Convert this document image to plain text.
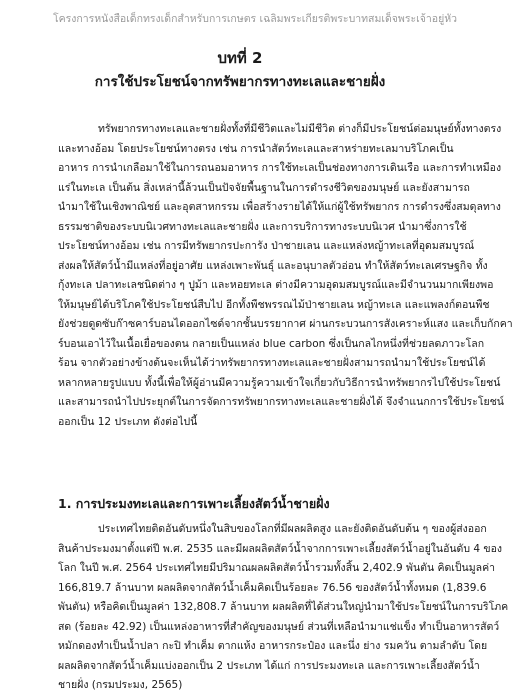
โครงการหนังสือเด็กทรงเด็กสำหรับการเกษตร เฉลิมพระเกียรติพระบาทสมเด็จพระเจ้าอยู่หัว
บทที่ 2
การใช้ประโยชน์จากทรัพยากรทางทะเลและชายฝั่ง

ทรัพยากรทางทะเลและชายฝั่งทั้งที่มีชีวิตและไม่มีชีวิต ต่างก็มีประโยชน์ต่อมนุษย์ทั้งทางตรง
และทางอ้อม โดยประโยชน์ทางตรง เช่น การนำสัตว์ทะเลและสาหร่ายทะเลมาบริโภคเป็น
อาหาร การนำเกลือมาใช้ในการถนอมอาหาร การใช้ทะเลเป็นช่องทางการเดินเรือ และการทำเหมือง
แร่ในทะเล เป็นต้น สิ่งเหล่านี้ล้วนเป็นปัจจัยพื้นฐานในการดำรงชีวิตของมนุษย์ และยังสามารถ
นำมาใช้ในเชิงพาณิชย์ และอุตสาหกรรม เพื่อสร้างรายได้ให้แก่ผู้ใช้ทรัพยากร การดำรงซึ่งสมดุลทาง
ธรรมชาติของระบบนิเวศทางทะเลและชายฝั่ง และการบริการทางระบบนิเวศ นำมาซึ่งการใช้
ประโยชน์ทางอ้อม เช่น การมีทรัพยากรปะการัง ป่าชายเลน และแหล่งหญ้าทะเลที่อุดมสมบูรณ์
ส่งผลให้สัตว์น้ำมีแหล่งที่อยู่อาศัย แหล่งเพาะพันธุ์ และอนุบาลตัวอ่อน ทำให้สัตว์ทะเลเศรษฐกิจ ทั้ง
กุ้งทะเล ปลาทะเลชนิดต่าง ๆ ปูม้า และหอยทะเล ต่างมีความอุดมสมบูรณ์และมีจำนวนมากเพียงพอ
ให้มนุษย์ได้บริโภคใช้ประโยชน์สืบไป อีกทั้งพืชพรรณไม้ป่าชายเลน หญ้าทะเล และแพลงก์ตอนพืช
ยังช่วยดูดซับก๊าซคาร์บอนไดออกไซด์จากชั้นบรรยากาศ ผ่านกระบวนการสังเคราะห์แสง และเก็บกักคา
ร์บอนเอาไว้ในเนื้อเยื่อของตน กลายเป็นแหล่ง blue carbon ซึ่งเป็นกลไกหนึ่งที่ช่วยลดภาวะโลก
ร้อน จากตัวอย่างข้างต้นจะเห็นได้ว่าทรัพยากรทางทะเลและชายฝั่งสามารถนำมาใช้ประโยชน์ได้
หลากหลายรูปแบบ ทั้งนี้เพื่อให้ผู้อ่านมีความรู้ความเข้าใจเกี่ยวกับวิธีการนำทรัพยากรไปใช้ประโยชน์
และสามารถนำไปประยุกต์ในการจัดการทรัพยากรทางทะเลและชายฝั่งได้ จึงจำแนกการใช้ประโยชน์
ออกเป็น 12 ประเภท ดังต่อไปนี้

1. การประมงทะเลและการเพาะเลี้ยงสัตว์น้ำชายฝั่ง

ประเทศไทยติดอันดับหนึ่งในสิบของโลกที่มีผลผลิตสูง และยังติดอันดับต้น ๆ ของผู้ส่งออก
สินค้าประมงมาตั้งแต่ปี พ.ศ. 2535 และมีผลผลิตสัตว์น้ำจากการเพาะเลี้ยงสัตว์น้ำอยู่ในอันดับ 4 ของ
โลก ในปี พ.ศ. 2564 ประเทศไทยมีปริมาณผลผลิตสัตว์น้ำรวมทั้งสิ้น 2,402.9 พันตัน คิดเป็นมูลค่า
166,819.7 ล้านบาท ผลผลิตจากสัตว์น้ำเค็มคิดเป็นร้อยละ 76.56 ของสัตว์น้ำทั้งหมด (1,839.6
พันตัน) หรือคิดเป็นมูลค่า 132,808.7 ล้านบาท ผลผลิตที่ได้ส่วนใหญ่นำมาใช้ประโยชน์ในการบริโภค
สด (ร้อยละ 42.92) เป็นแหล่งอาหารที่สำคัญของมนุษย์ ส่วนที่เหลือนำมาแช่แข็ง ทำเป็นอาหารสัตว์
หมักดองทำเป็นน้ำปลา กะปิ ทำเค็ม ตากแห้ง อาหารกระป๋อง และนึ่ง ย่าง รมควัน ตามลำดับ โดย
ผลผลิตจากสัตว์น้ำเค็มแบ่งออกเป็น 2 ประเภท ได้แก่ การประมงทะเล และการเพาะเลี้ยงสัตว์น้ำ
ชายฝั่ง (กรมประมง, 2565)
